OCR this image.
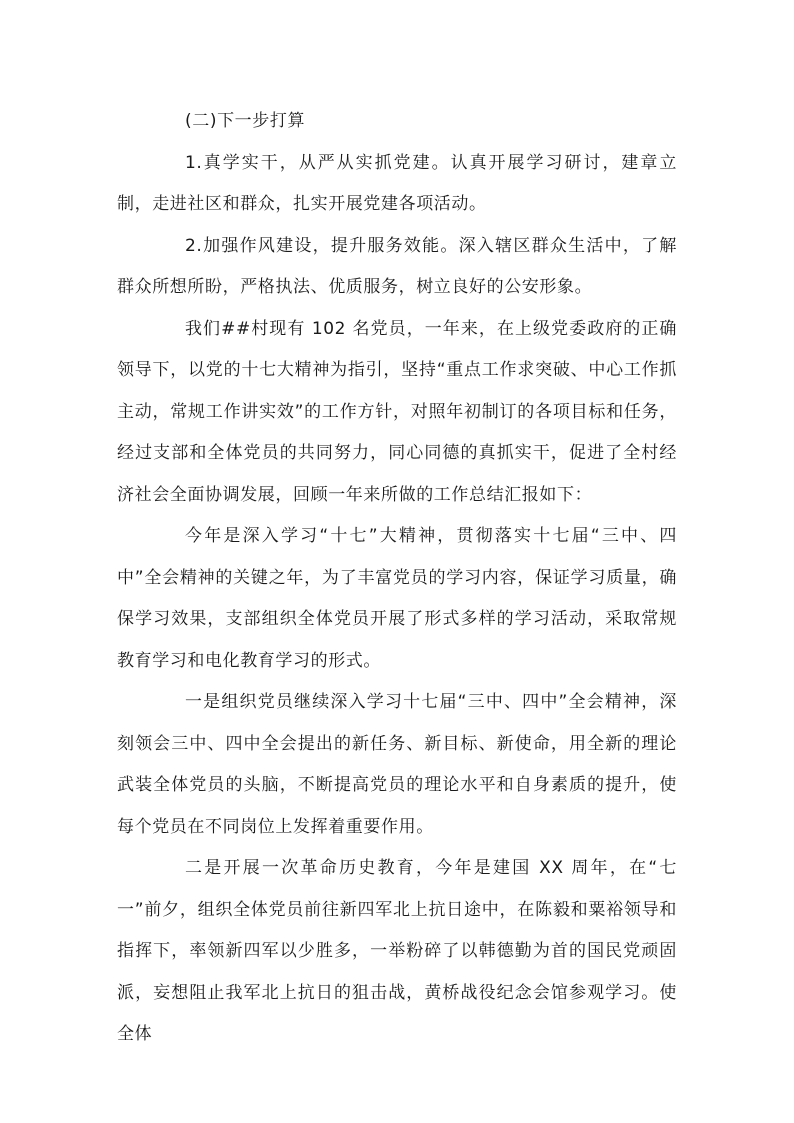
(二)下一步打算

1.真学实干，从严从实抓党建。认真开展学习研讨，建章立制，走进社区和群众，扎实开展党建各项活动。

2.加强作风建设，提升服务效能。深入辖区群众生活中，了解群众所想所盼，严格执法、优质服务，树立良好的公安形象。

我们##村现有 102 名党员，一年来，在上级党委政府的正确领导下，以党的十七大精神为指引，坚持“重点工作求突破、中心工作抓主动，常规工作讲实效”的工作方针，对照年初制订的各项目标和任务，经过支部和全体党员的共同努力，同心同德的真抓实干，促进了全村经济社会全面协调发展，回顾一年来所做的工作总结汇报如下：

今年是深入学习“十七”大精神，贯彻落实十七届“三中、四中”全会精神的关键之年，为了丰富党员的学习内容，保证学习质量，确保学习效果，支部组织全体党员开展了形式多样的学习活动，采取常规教育学习和电化教育学习的形式。

一是组织党员继续深入学习十七届“三中、四中”全会精神，深刻领会三中、四中全会提出的新任务、新目标、新使命，用全新的理论武装全体党员的头脑，不断提高党员的理论水平和自身素质的提升，使每个党员在不同岗位上发挥着重要作用。

二是开展一次革命历史教育，今年是建国 XX 周年，在“七一”前夕，组织全体党员前往新四军北上抗日途中，在陈毅和粟裕领导和指挥下，率领新四军以少胜多，一举粉碎了以韩德勤为首的国民党顽固派，妄想阻止我军北上抗日的狙击战，黄桥战役纪念会馆参观学习。使全体
